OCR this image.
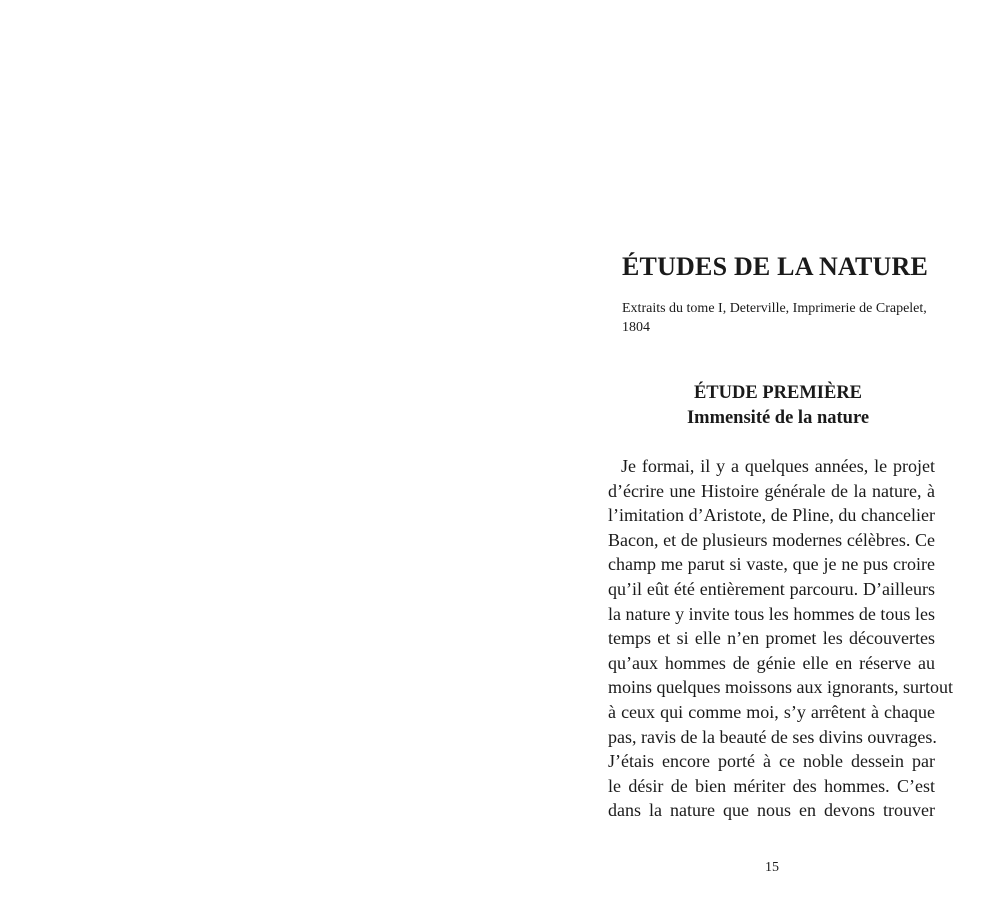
ÉTUDES DE LA NATURE

Extraits du tome I, Deterville, Imprimerie de Crapelet, 1804

ÉTUDE PREMIÈRE
Immensité de la nature
Je formai, il y a quelques années, le projet
d’écrire une Histoire générale de la nature, à
l’imitation d’Aristote, de Pline, du chancelier
Bacon, et de plusieurs modernes célèbres. Ce
champ me parut si vaste, que je ne pus croire
qu’il eût été entièrement parcouru. D’ailleurs
la nature y invite tous les hommes de tous les
temps et si elle n’en promet les découvertes
qu’aux hommes de génie elle en réserve au
moins quelques moissons aux ignorants, surtout
à ceux qui comme moi, s’y arrêtent à chaque
pas, ravis de la beauté de ses divins ouvrages.
J’étais encore porté à ce noble dessein par
le désir de bien mériter des hommes. C’est
dans la nature que nous en devons trouver
15
